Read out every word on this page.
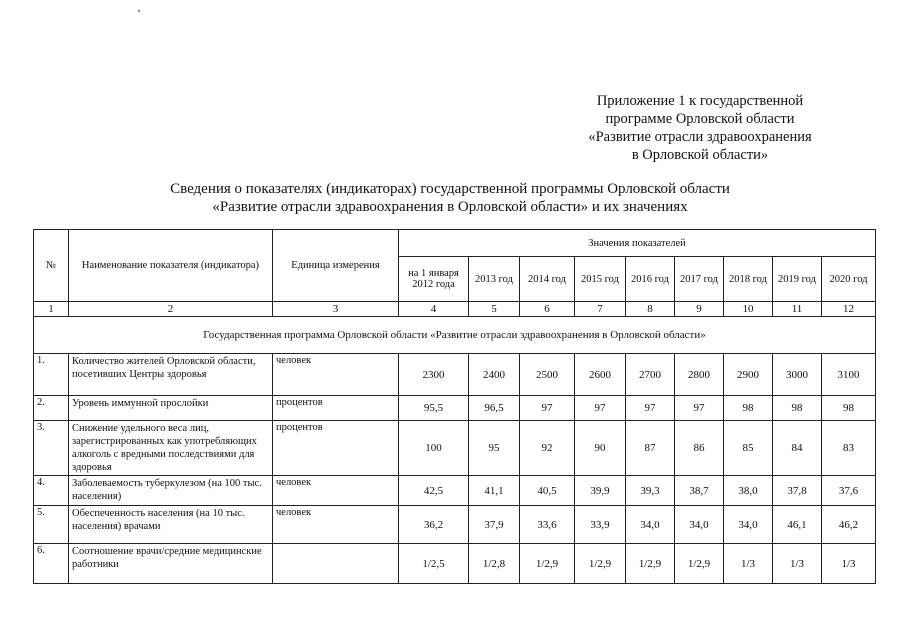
Приложение 1 к государственной
программе Орловской области
«Развитие отрасли здравоохранения
в Орловской области»
Сведения о показателях (индикаторах) государственной программы Орловской области
«Развитие отрасли здравоохранения в Орловской области» и их значениях
№	Наименование показателя (индикатора)	Единица измерения	Значения показателей								
			на 1 января 2012 года	2013 год	2014 год	2015 год	2016 год	2017 год	2018 год	2019 год	2020 год
1	2	3	4	5	6	7	8	9	10	11	12
Государственная программа Орловской области «Развитие отрасли здравоохранения в Орловской области»											
1.	Количество жителей Орловской области, посетивших Центры здоровья	человек	2300	2400	2500	2600	2700	2800	2900	3000	3100
2.	Уровень иммунной прослойки	процентов	95,5	96,5	97	97	97	97	98	98	98
3.	Снижение удельного веса лиц, зарегистрированных как употребляющих алкоголь с вредными последствиями для здоровья	процентов	100	95	92	90	87	86	85	84	83
4.	Заболеваемость туберкулезом (на 100 тыс. населения)	человек	42,5	41,1	40,5	39,9	39,3	38,7	38,0	37,8	37,6
5.	Обеспеченность населения (на 10 тыс. населения) врачами	человек	36,2	37,9	33,6	33,9	34,0	34,0	34,0	46,1	46,2
6.	Соотношение врачи/средние медицинские работники		1/2,5	1/2,8	1/2,9	1/2,9	1/2,9	1/2,9	1/3	1/3	1/3
